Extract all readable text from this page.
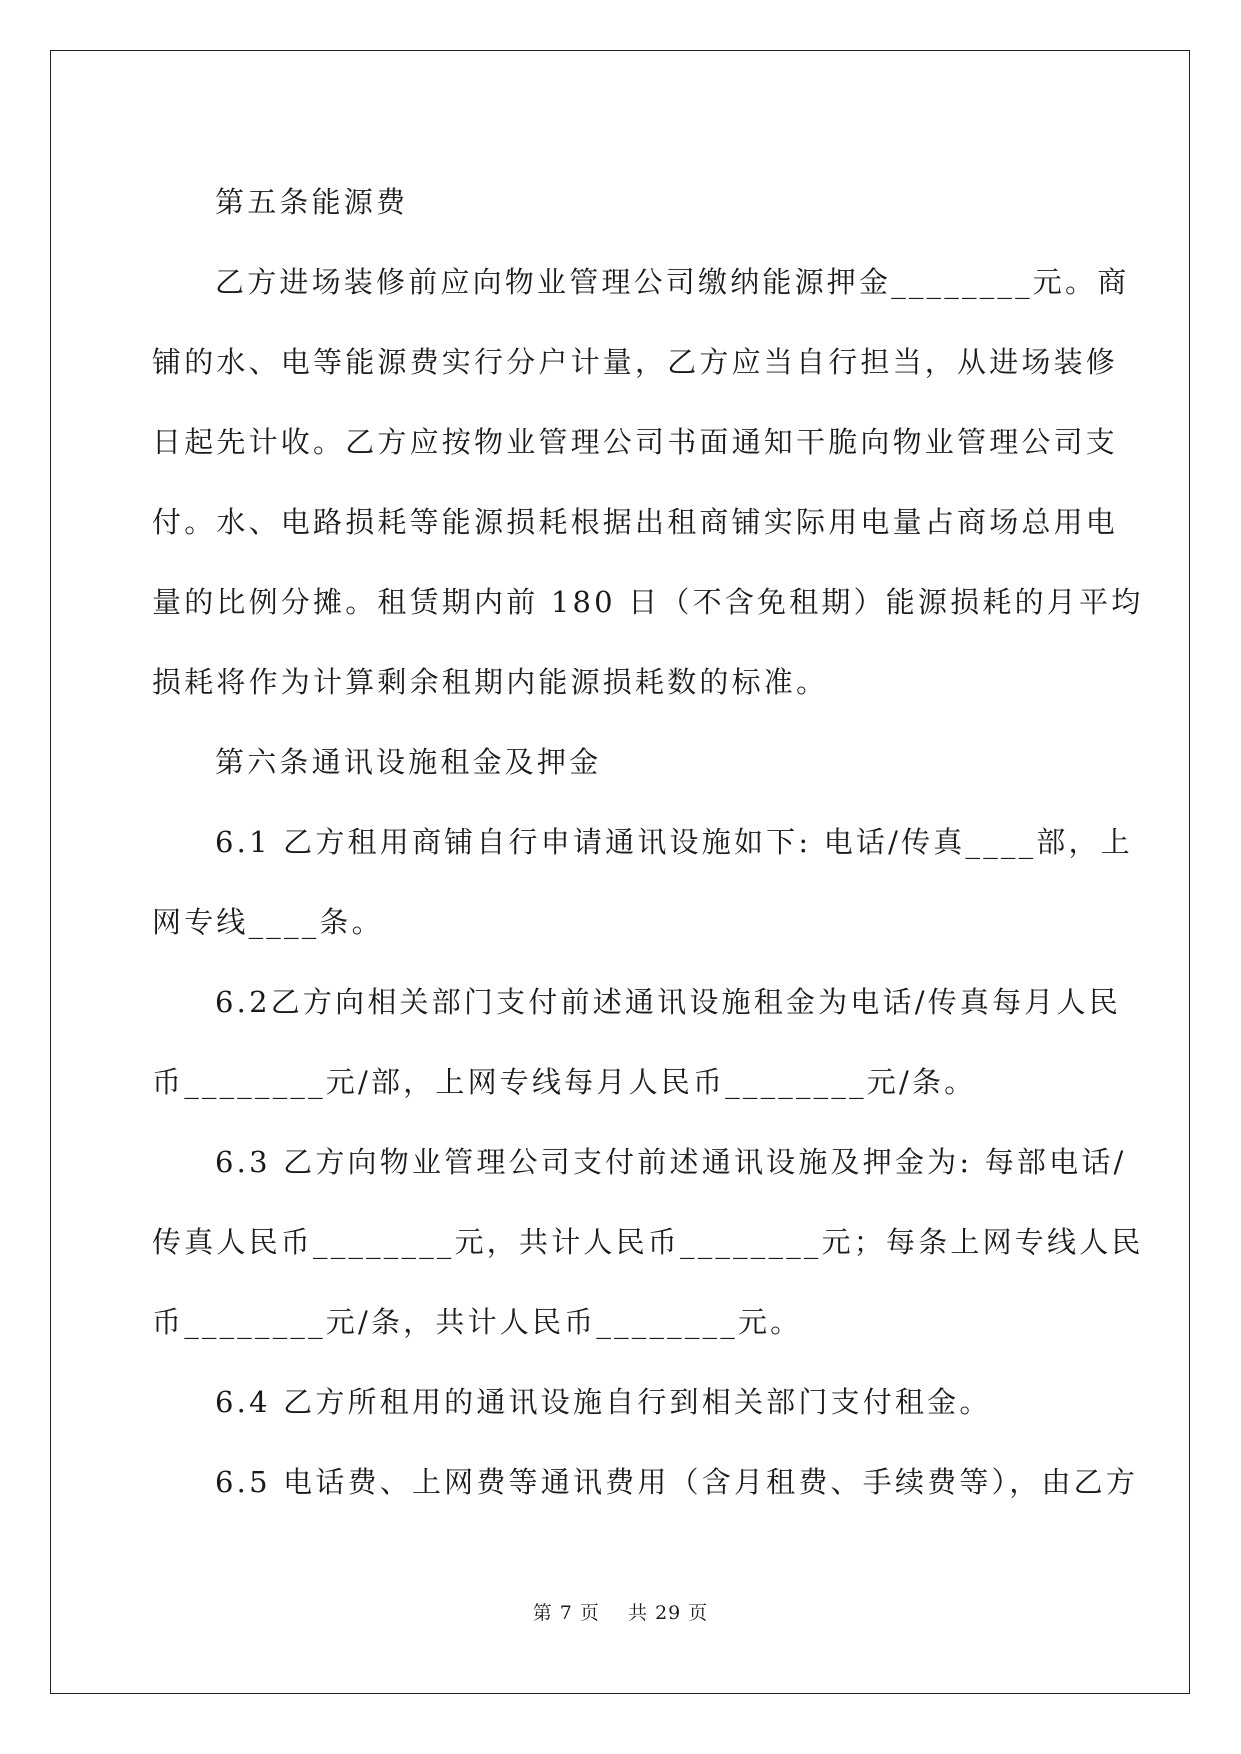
第五条能源费
乙方进场装修前应向物业管理公司缴纳能源押金________元。商
铺的水、电等能源费实行分户计量，乙方应当自行担当，从进场装修
日起先计收。乙方应按物业管理公司书面通知干脆向物业管理公司支
付。水、电路损耗等能源损耗根据出租商铺实际用电量占商场总用电
量的比例分摊。租赁期内前 180 日（不含免租期）能源损耗的月平均
损耗将作为计算剩余租期内能源损耗数的标准。
第六条通讯设施租金及押金
6.1 乙方租用商铺自行申请通讯设施如下: 电话/传真____部，上
网专线____条。
6.2乙方向相关部门支付前述通讯设施租金为电话/传真每月人民
币________元/部，上网专线每月人民币________元/条。
6.3 乙方向物业管理公司支付前述通讯设施及押金为: 每部电话/
传真人民币________元，共计人民币________元；每条上网专线人民
币________元/条，共计人民币________元。
6.4 乙方所租用的通讯设施自行到相关部门支付租金。
6.5 电话费、上网费等通讯费用（含月租费、手续费等），由乙方
第 7 页 共 29 页
